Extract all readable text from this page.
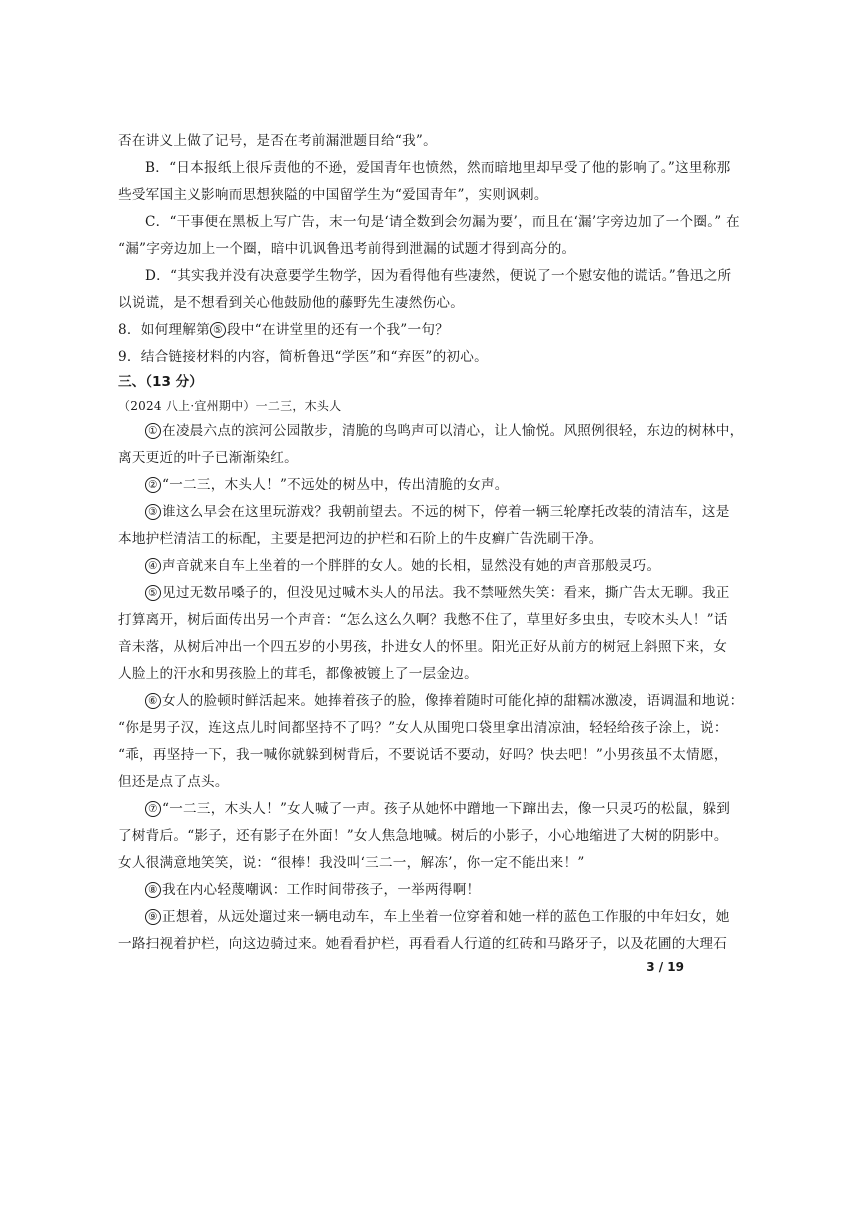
否在讲义上做了记号，是否在考前漏泄题目给“我”。
B．“日本报纸上很斥责他的不逊，爱国青年也愤然，然而暗地里却早受了他的影响了。”这里称那
些受军国主义影响而思想狭隘的中国留学生为“爱国青年”，实则讽刺。
C．“干事便在黑板上写广告，末一句是‘请全数到会勿漏为要’，而且在‘漏’字旁边加了一个圈。” 在
“漏”字旁边加上一个圈，暗中讥讽鲁迅考前得到泄漏的试题才得到高分的。
D．“其实我并没有决意要学生物学，因为看得他有些凄然，便说了一个慰安他的谎话。”鲁迅之所
以说谎，是不想看到关心他鼓励他的藤野先生凄然伤心。
8．如何理解第 ⑤ 段中“在讲堂里的还有一个我”一句？
9．结合链接材料的内容，简析鲁迅“学医”和“弃医”的初心。
三、（13 分）
（2024 八上·宜州期中）一二三，木头人
① 在凌晨六点的滨河公园散步，清脆的鸟鸣声可以清心，让人愉悦。风照例很轻，东边的树林中，
离天更近的叶子已渐渐染红。
② “一二三，木头人！”不远处的树丛中，传出清脆的女声。
③ 谁这么早会在这里玩游戏？我朝前望去。不远的树下，停着一辆三轮摩托改装的清洁车，这是
本地护栏清洁工的标配，主要是把河边的护栏和石阶上的牛皮癣广告洗刷干净。
④ 声音就来自车上坐着的一个胖胖的女人。她的长相，显然没有她的声音那般灵巧。
⑤ 见过无数吊嗓子的，但没见过喊木头人的吊法。我不禁哑然失笑：看来，撕广告太无聊。我正
打算离开，树后面传出另一个声音：“怎么这么久啊？我憋不住了，草里好多虫虫，专咬木头人！”话
音未落，从树后冲出一个四五岁的小男孩，扑进女人的怀里。阳光正好从前方的树冠上斜照下来，女
人脸上的汗水和男孩脸上的茸毛，都像被镀上了一层金边。
⑥ 女人的脸顿时鲜活起来。她捧着孩子的脸，像捧着随时可能化掉的甜糯冰激凌，语调温和地说：
“你是男子汉，连这点儿时间都坚持不了吗？”女人从围兜口袋里拿出清凉油，轻轻给孩子涂上，说：
“乖，再坚持一下，我一喊你就躲到树背后，不要说话不要动，好吗？快去吧！”小男孩虽不太情愿，
但还是点了点头。
⑦ “一二三，木头人！”女人喊了一声。孩子从她怀中蹭地一下蹿出去，像一只灵巧的松鼠，躲到
了树背后。“影子，还有影子在外面！”女人焦急地喊。树后的小影子，小心地缩进了大树的阴影中。
女人很满意地笑笑，说：“很棒！我没叫‘三二一，解冻’，你一定不能出来！”
⑧ 我在内心轻蔑嘲讽：工作时间带孩子，一举两得啊！
⑨ 正想着，从远处遛过来一辆电动车，车上坐着一位穿着和她一样的蓝色工作服的中年妇女，她
一路扫视着护栏，向这边骑过来。她看看护栏，再看看人行道的红砖和马路牙子，以及花圃的大理石
3 / 19
